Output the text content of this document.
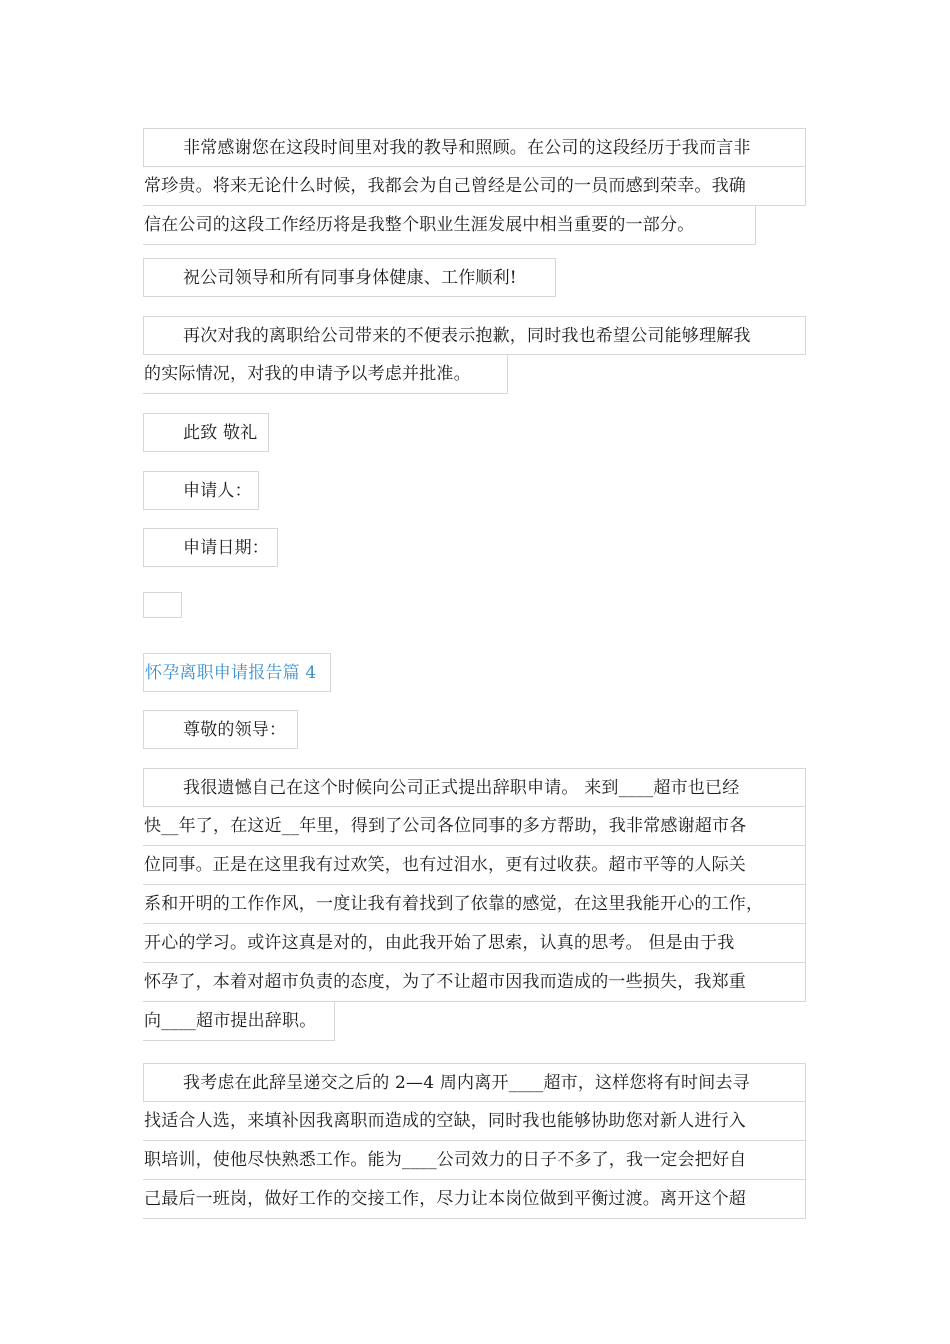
非常感谢您在这段时间里对我的教导和照顾。在公司的这段经历于我而言非
常珍贵。将来无论什么时候，我都会为自己曾经是公司的一员而感到荣幸。我确
信在公司的这段工作经历将是我整个职业生涯发展中相当重要的一部分。
祝公司领导和所有同事身体健康、工作顺利!
再次对我的离职给公司带来的不便表示抱歉，同时我也希望公司能够理解我
的实际情况，对我的申请予以考虑并批准。
此致 敬礼
申请人：
申请日期：
怀孕离职申请报告篇 4
尊敬的领导：
我很遗憾自己在这个时候向公司正式提出辞职申请。 来到____超市也已经
快__年了，在这近__年里，得到了公司各位同事的多方帮助，我非常感谢超市各
位同事。正是在这里我有过欢笑，也有过泪水，更有过收获。超市平等的人际关
系和开明的工作作风，一度让我有着找到了依靠的感觉，在这里我能开心的工作，
开心的学习。或许这真是对的，由此我开始了思索，认真的思考。 但是由于我
怀孕了，本着对超市负责的态度，为了不让超市因我而造成的一些损失，我郑重
向____超市提出辞职。
我考虑在此辞呈递交之后的 2—4 周内离开____超市，这样您将有时间去寻
找适合人选，来填补因我离职而造成的空缺，同时我也能够协助您对新人进行入
职培训，使他尽快熟悉工作。能为____公司效力的日子不多了，我一定会把好自
己最后一班岗，做好工作的交接工作，尽力让本岗位做到平衡过渡。离开这个超
